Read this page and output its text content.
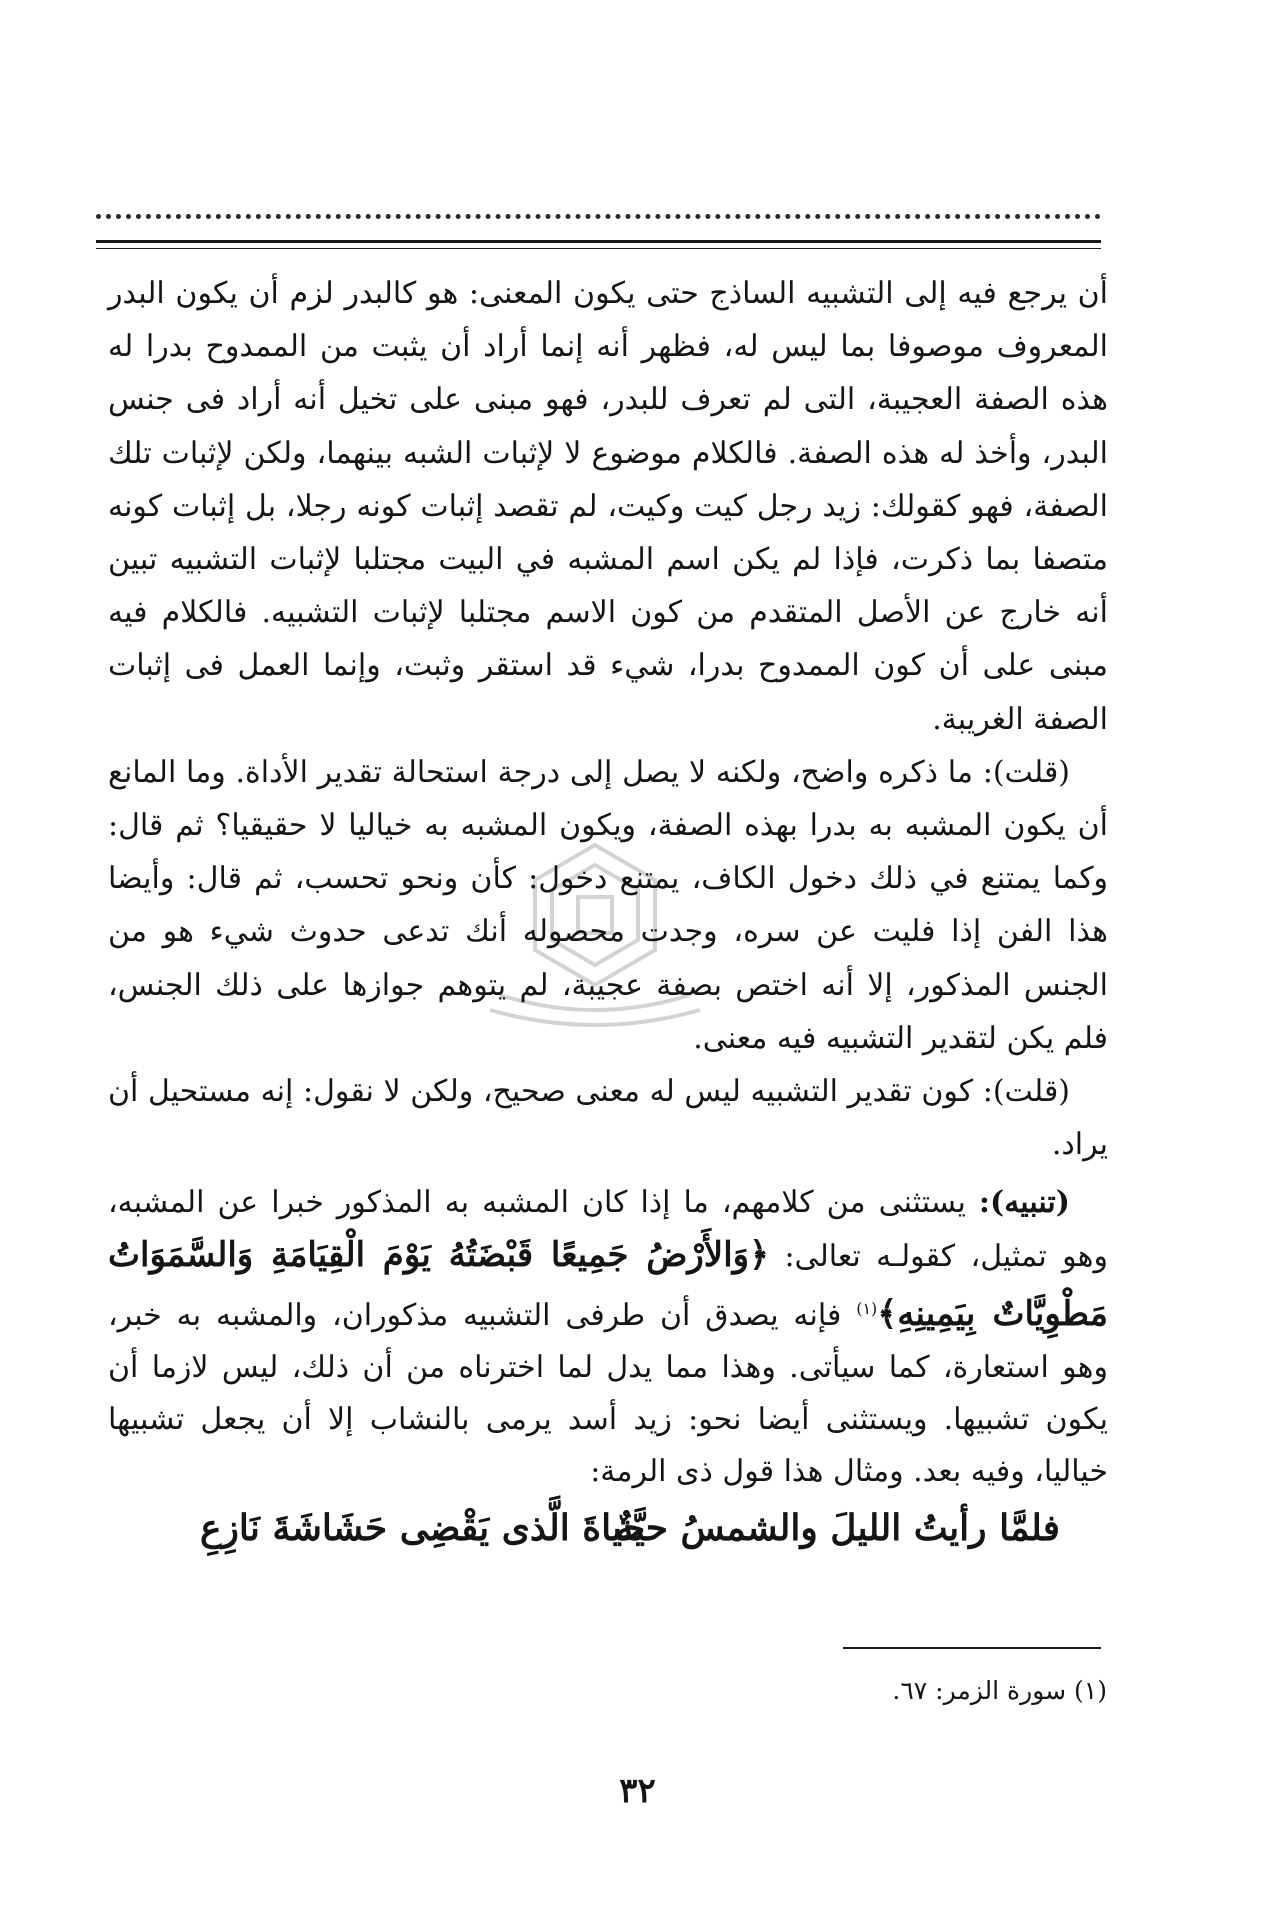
أن يرجع فيه إلى التشبيه الساذج حتى يكون المعنى: هو كالبدر لزم أن يكون البدر المعروف موصوفا بما ليس له، فظهر أنه إنما أراد أن يثبت من الممدوح بدرا له هذه الصفة العجيبة، التى لم تعرف للبدر، فهو مبنى على تخيل أنه أراد فى جنس البدر، وأخذ له هذه الصفة. فالكلام موضوع لا لإثبات الشبه بينهما، ولكن لإثبات تلك الصفة، فهو كقولك: زيد رجل كيت وكيت، لم تقصد إثبات كونه رجلا، بل إثبات كونه متصفا بما ذكرت، فإذا لم يكن اسم المشبه في البيت مجتلبا لإثبات التشبيه تبين أنه خارج عن الأصل المتقدم من كون الاسم مجتلبا لإثبات التشبيه. فالكلام فيه مبنى على أن كون الممدوح بدرا، شيء قد استقر وثبت، وإنما العمل فى إثبات الصفة الغريبة.

(قلت): ما ذكره واضح، ولكنه لا يصل إلى درجة استحالة تقدير الأداة. وما المانع أن يكون المشبه به بدرا بهذه الصفة، ويكون المشبه به خياليا لا حقيقيا؟ ثم قال: وكما يمتنع في ذلك دخول الكاف، يمتنع دخول: كأن ونحو تحسب، ثم قال: وأيضا هذا الفن إذا فليت عن سره، وجدت محصوله أنك تدعى حدوث شيء هو من الجنس المذكور، إلا أنه اختص بصفة عجيبة، لم يتوهم جوازها على ذلك الجنس، فلم يكن لتقدير التشبيه فيه معنى.

(قلت): كون تقدير التشبيه ليس له معنى صحيح، ولكن لا نقول: إنه مستحيل أن يراد.

(تنبيه): يستثنى من كلامهم، ما إذا كان المشبه به المذكور خبرا عن المشبه، وهو تمثيل، كقولـه تعالى: ﴿وَالأَرْضُ جَمِيعًا قَبْضَتُهُ يَوْمَ الْقِيَامَةِ وَالسَّمَوَاتُ مَطْوِيَّاتٌ بِيَمِينِهِ﴾$^{(١)}$ فإنه يصدق أن طرفى التشبيه مذكوران، والمشبه به خبر، وهو استعارة، كما سيأتى. وهذا مما يدل لما اخترناه من أن ذلك، ليس لازما أن يكون تشبيها. ويستثنى أيضا نحو: زيد أسد يرمى بالنشاب إلا أن يجعل تشبيها خياليا، وفيه بعد. ومثال هذا قول ذى الرمة:

فلمَّا رأيتُ الليلَ والشمسُ حيَّةٌ
حياةَ الَّذى يَقْضِى حَشَاشَةَ نَازِعِ
(١) سورة الزمر: ٦٧.
٣٢
